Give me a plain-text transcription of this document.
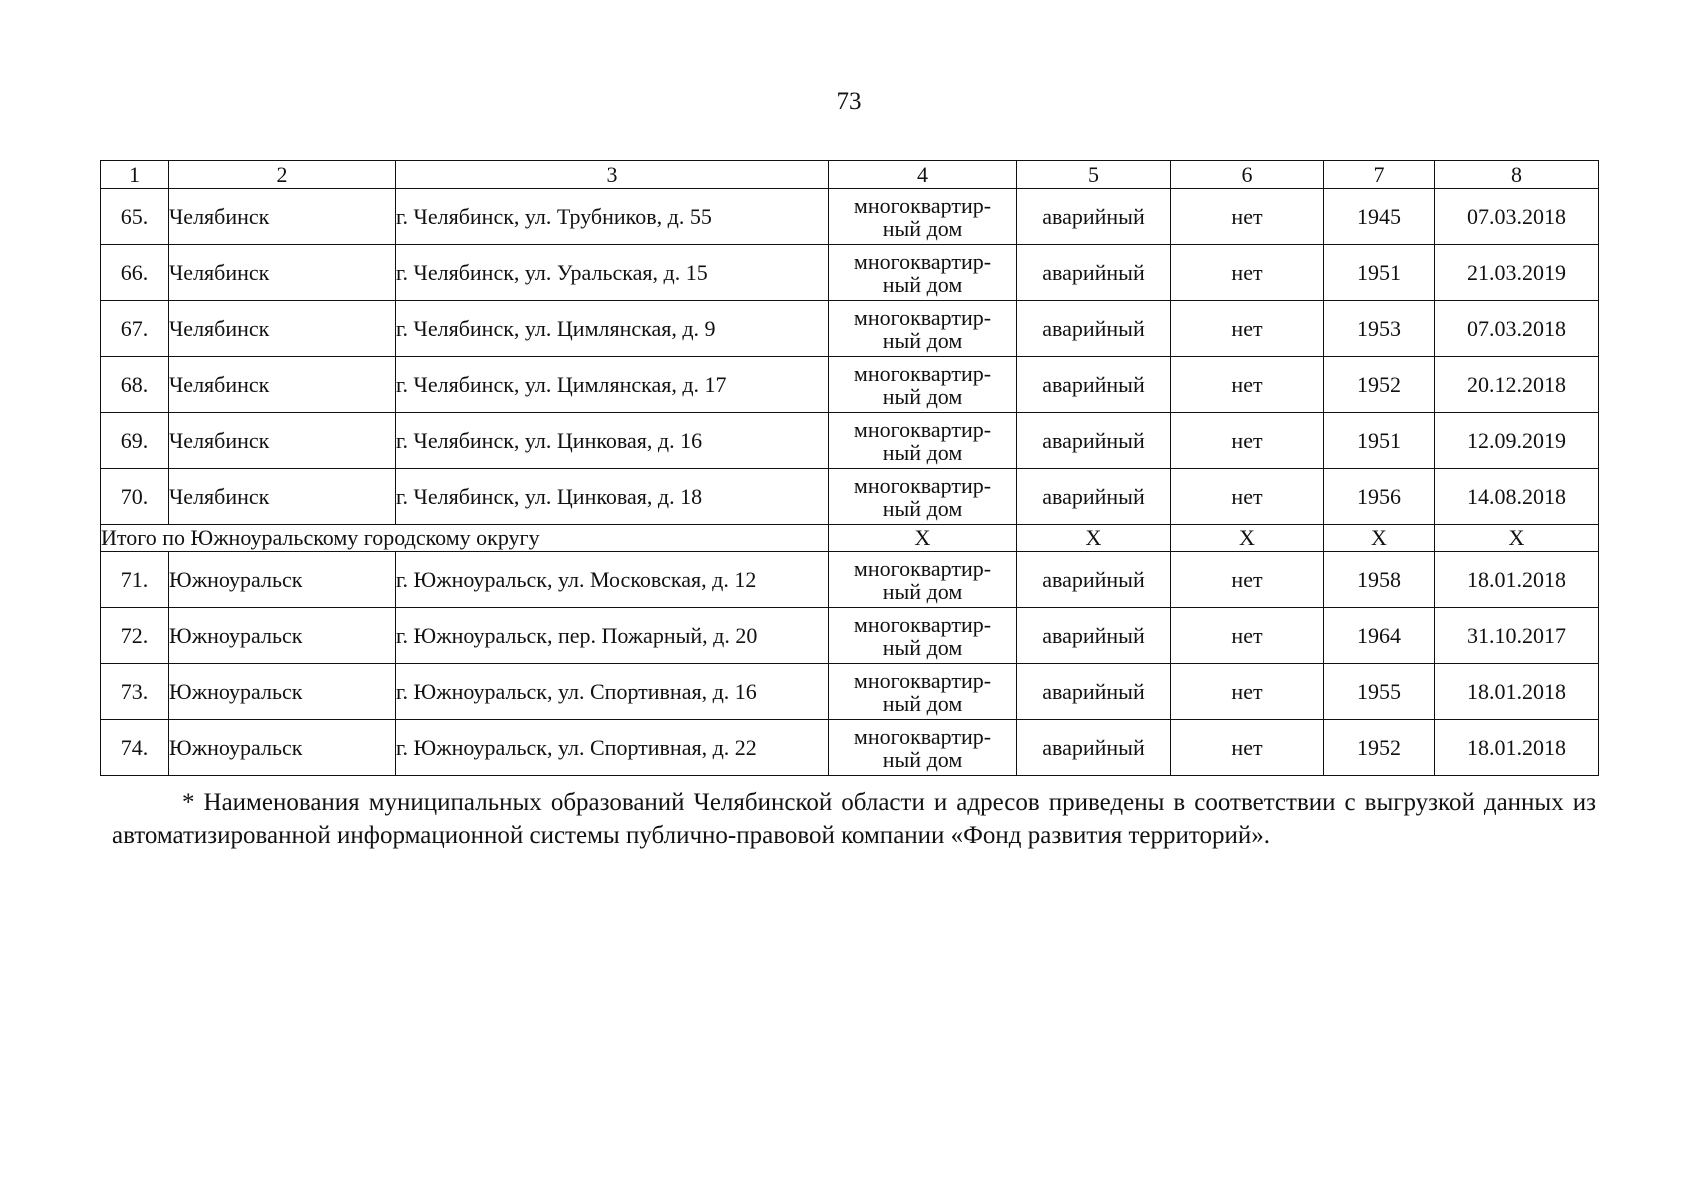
73
1	2	3	4	5	6	7	8
65.	Челябинск	г. Челябинск, ул. Трубников, д. 55	многоквартир-
ный дом	аварийный	нет	1945	07.03.2018
66.	Челябинск	г. Челябинск, ул. Уральская, д. 15	многоквартир-
ный дом	аварийный	нет	1951	21.03.2019
67.	Челябинск	г. Челябинск, ул. Цимлянская, д. 9	многоквартир-
ный дом	аварийный	нет	1953	07.03.2018
68.	Челябинск	г. Челябинск, ул. Цимлянская, д. 17	многоквартир-
ный дом	аварийный	нет	1952	20.12.2018
69.	Челябинск	г. Челябинск, ул. Цинковая, д. 16	многоквартир-
ный дом	аварийный	нет	1951	12.09.2019
70.	Челябинск	г. Челябинск, ул. Цинковая, д. 18	многоквартир-
ный дом	аварийный	нет	1956	14.08.2018
Итого по Южноуральскому городскому округу			X	X	X	X	X
71.	Южноуральск	г. Южноуральск, ул. Московская, д. 12	многоквартир-
ный дом	аварийный	нет	1958	18.01.2018
72.	Южноуральск	г. Южноуральск, пер. Пожарный, д. 20	многоквартир-
ный дом	аварийный	нет	1964	31.10.2017
73.	Южноуральск	г. Южноуральск, ул. Спортивная, д. 16	многоквартир-
ный дом	аварийный	нет	1955	18.01.2018
74.	Южноуральск	г. Южноуральск, ул. Спортивная, д. 22	многоквартир-
ный дом	аварийный	нет	1952	18.01.2018
* Наименования муниципальных образований Челябинской области и адресов приведены в соответствии с выгрузкой данных из автоматизированной информационной системы публично-правовой компании «Фонд развития территорий».
